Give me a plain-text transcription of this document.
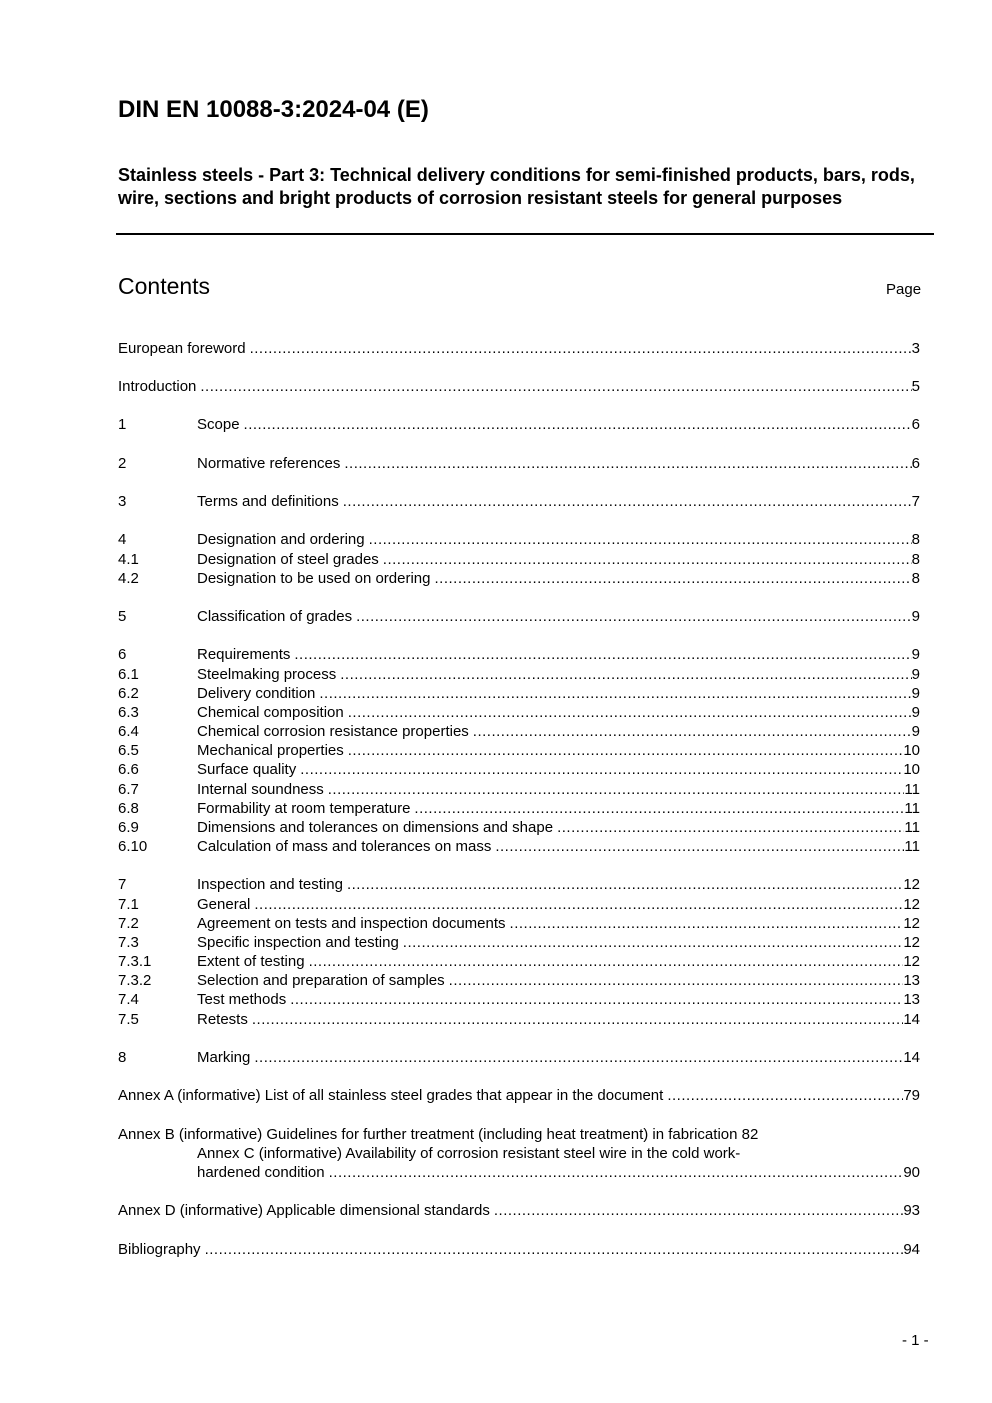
DIN EN 10088-3:2024-04 (E)

Stainless steels - Part 3: Technical delivery conditions for semi-finished products, bars, rods, wire, sections and bright products of corrosion resistant steels for general purposes

Contents	Page
European foreword .....	3
Introduction .....	5
1	Scope .....	6
2	Normative references .....	6
3	Terms and definitions .....	7
4	Designation and ordering .....	8
4.1	Designation of steel grades .....	8
4.2	Designation to be used on ordering .....	8
5	Classification of grades .....	9
6	Requirements .....	9
6.1	Steelmaking process .....	9
6.2	Delivery condition .....	9
6.3	Chemical composition .....	9
6.4	Chemical corrosion resistance properties .....	9
6.5	Mechanical properties .....	10
6.6	Surface quality .....	10
6.7	Internal soundness .....	11
6.8	Formability at room temperature .....	11
6.9	Dimensions and tolerances on dimensions and shape .....	11
6.10	Calculation of mass and tolerances on mass .....	11
7	Inspection and testing .....	12
7.1	General .....	12
7.2	Agreement on tests and inspection documents .....	12
7.3	Specific inspection and testing .....	12
7.3.1	Extent of testing .....	12
7.3.2	Selection and preparation of samples .....	13
7.4	Test methods .....	13
7.5	Retests .....	14
8	Marking .....	14
Annex A (informative) List of all stainless steel grades that appear in the document .....	79
Annex B (informative) Guidelines for further treatment (including heat treatment) in fabrication 82
Annex C (informative) Availability of corrosion resistant steel wire in the cold work-
hardened condition .....	90
Annex D (informative) Applicable dimensional standards .....	93
Bibliography .....	94
- 1 -
